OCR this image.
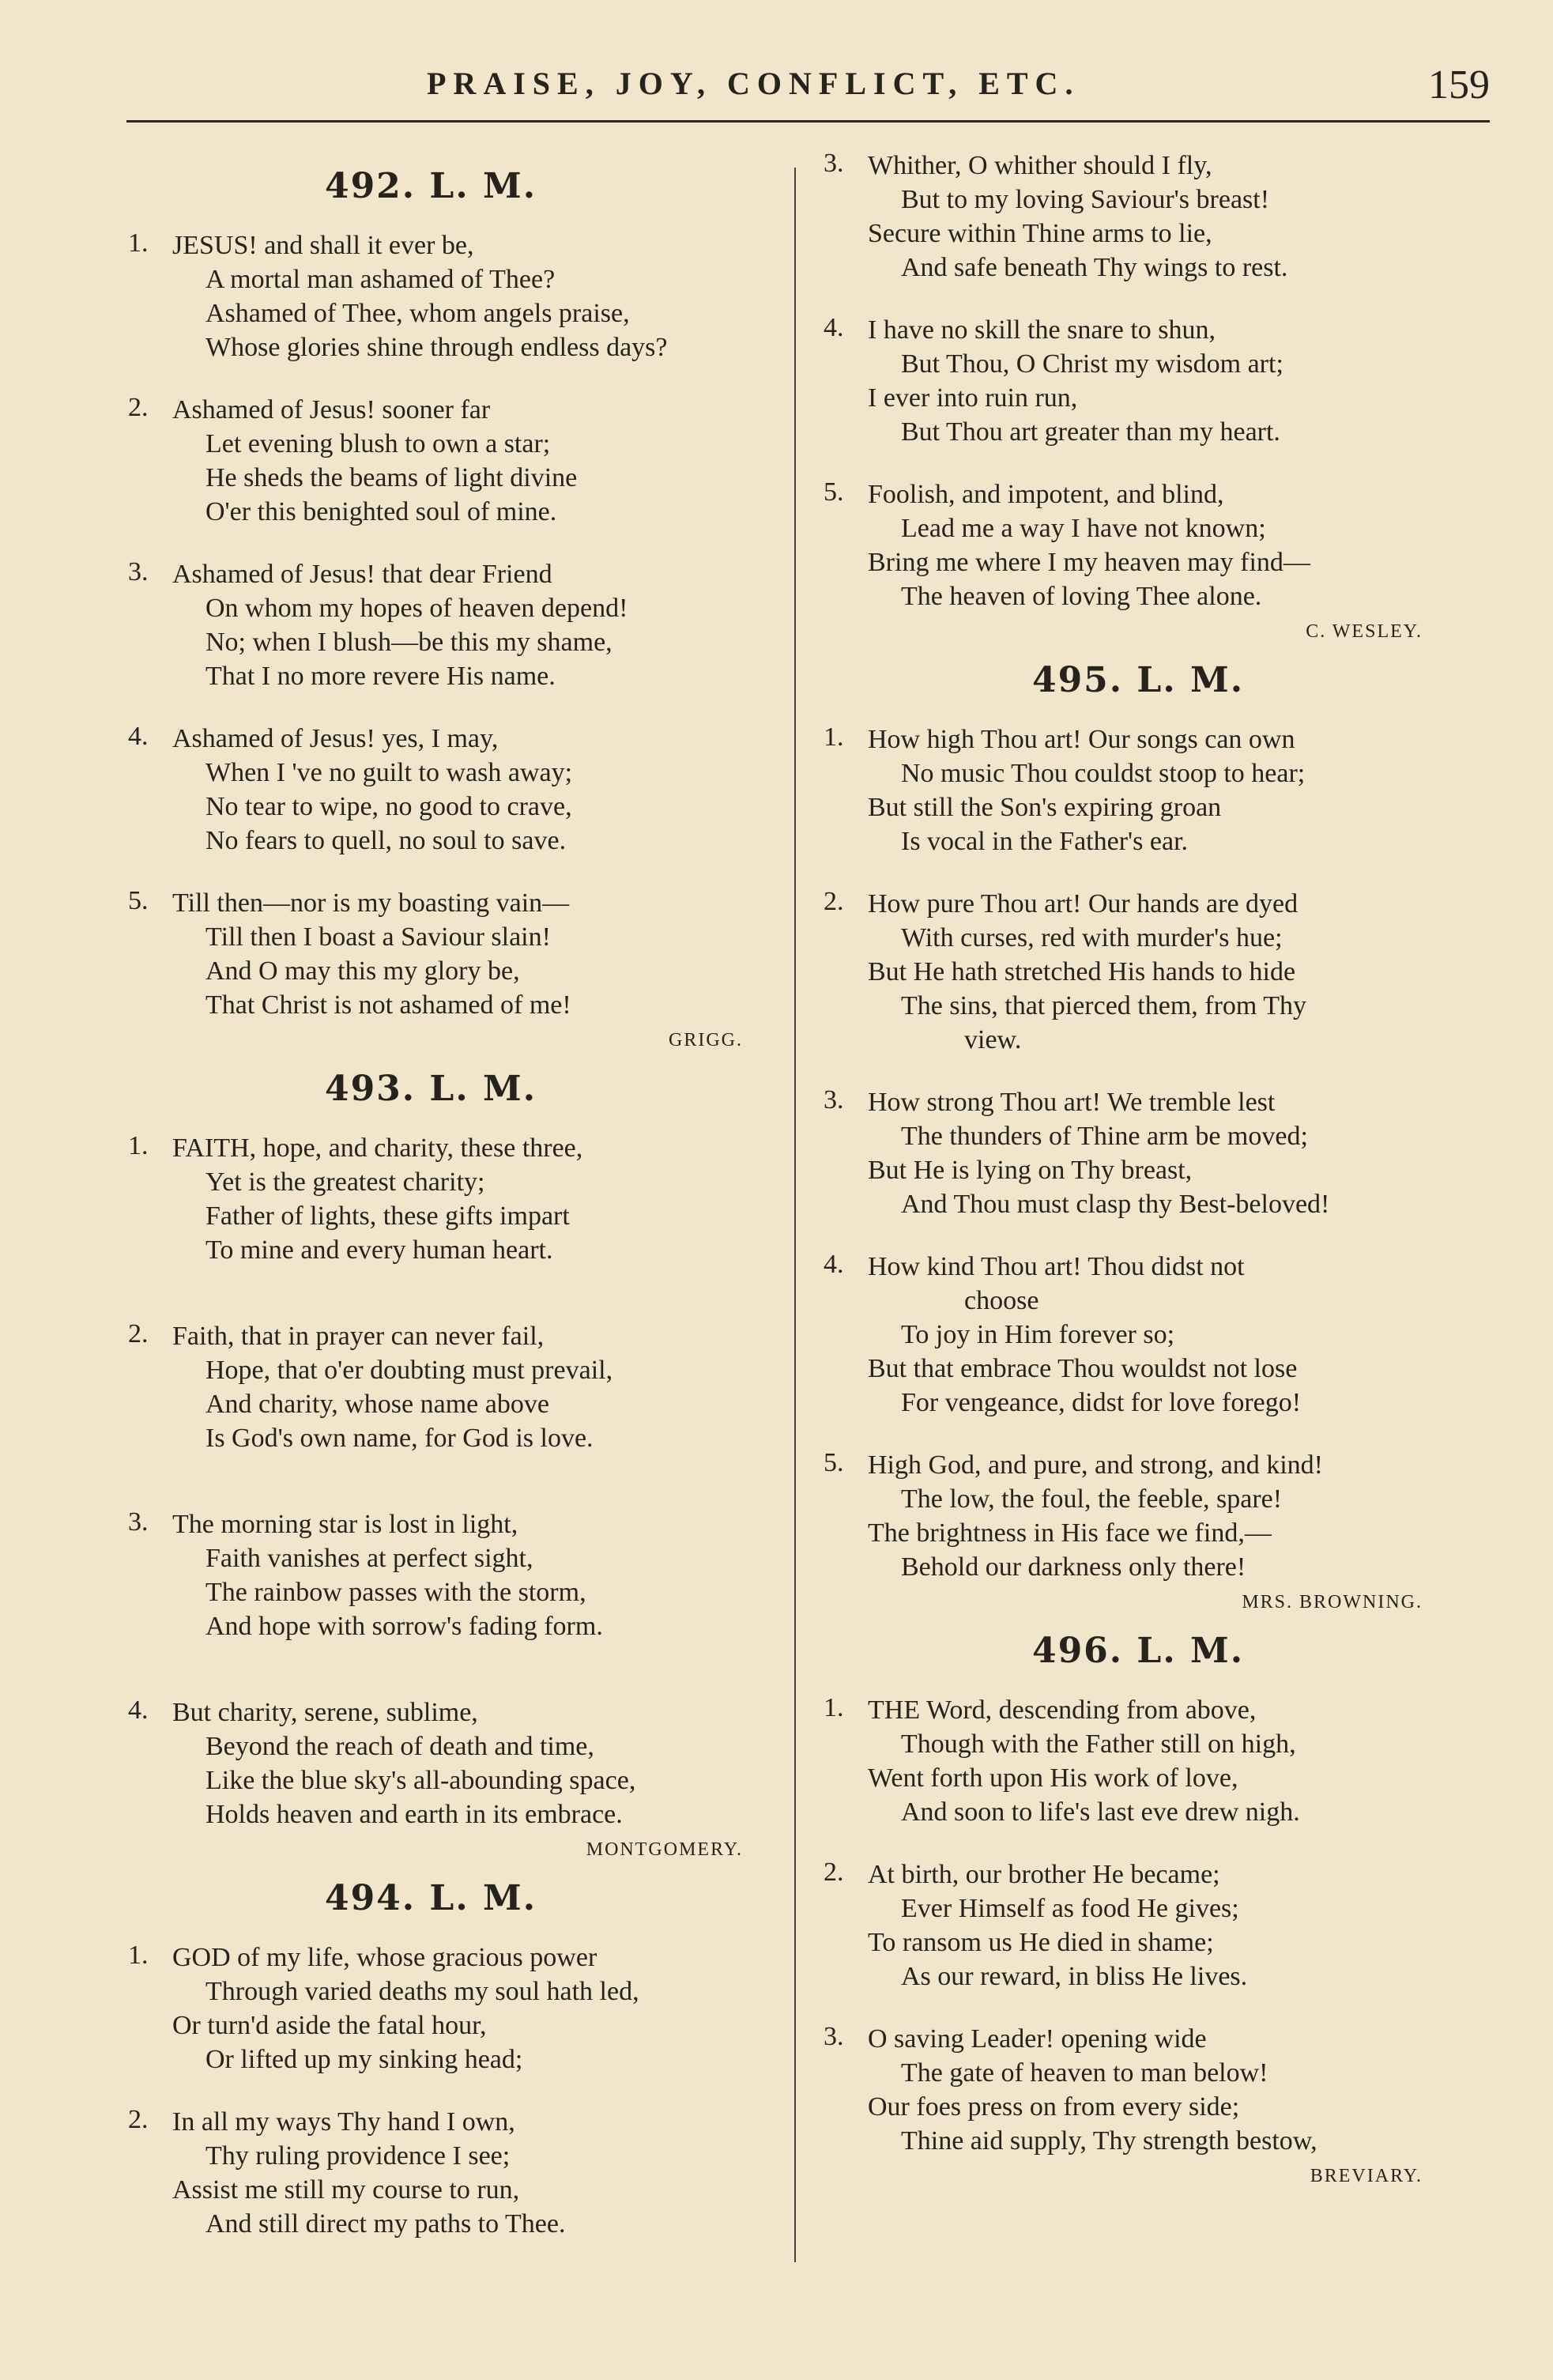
PRAISE, JOY, CONFLICT, ETC.	159
492. L. M.
1. JESUS! and shall it ever be,
A mortal man ashamed of Thee?
Ashamed of Thee, whom angels praise,
Whose glories shine through endless days?
2. Ashamed of Jesus! sooner far
Let evening blush to own a star;
He sheds the beams of light divine
O'er this benighted soul of mine.
3. Ashamed of Jesus! that dear Friend
On whom my hopes of heaven depend!
No; when I blush—be this my shame,
That I no more revere His name.
4. Ashamed of Jesus! yes, I may,
When I 've no guilt to wash away;
No tear to wipe, no good to crave,
No fears to quell, no soul to save.
5. Till then—nor is my boasting vain—
Till then I boast a Saviour slain!
And O may this my glory be,
That Christ is not ashamed of me!
GRIGG.
493. L. M.
1. FAITH, hope, and charity, these three,
Yet is the greatest charity;
Father of lights, these gifts impart
To mine and every human heart.
2. Faith, that in prayer can never fail,
Hope, that o'er doubting must prevail,
And charity, whose name above
Is God's own name, for God is love.
3. The morning star is lost in light,
Faith vanishes at perfect sight,
The rainbow passes with the storm,
And hope with sorrow's fading form.
4. But charity, serene, sublime,
Beyond the reach of death and time,
Like the blue sky's all-abounding space,
Holds heaven and earth in its embrace.
MONTGOMERY.
494. L. M.
1. GOD of my life, whose gracious power
Through varied deaths my soul hath led,
Or turn'd aside the fatal hour,
Or lifted up my sinking head;
2. In all my ways Thy hand I own,
Thy ruling providence I see;
Assist me still my course to run,
And still direct my paths to Thee.
3. Whither, O whither should I fly,
But to my loving Saviour's breast!
Secure within Thine arms to lie,
And safe beneath Thy wings to rest.
4. I have no skill the snare to shun,
But Thou, O Christ my wisdom art;
I ever into ruin run,
But Thou art greater than my heart.
5. Foolish, and impotent, and blind,
Lead me a way I have not known;
Bring me where I my heaven may find—
The heaven of loving Thee alone.
C. WESLEY.
495. L. M.
1. How high Thou art! Our songs can own
No music Thou couldst stoop to hear;
But still the Son's expiring groan
Is vocal in the Father's ear.
2. How pure Thou art! Our hands are dyed
With curses, red with murder's hue;
But He hath stretched His hands to hide
The sins, that pierced them, from Thy
view.
3. How strong Thou art! We tremble lest
The thunders of Thine arm be moved;
But He is lying on Thy breast,
And Thou must clasp thy Best-beloved!
4. How kind Thou art! Thou didst not
choose
To joy in Him forever so;
But that embrace Thou wouldst not lose
For vengeance, didst for love forego!
5. High God, and pure, and strong, and kind!
The low, the foul, the feeble, spare!
The brightness in His face we find,—
Behold our darkness only there!
MRS. BROWNING.
496. L. M.
1. THE Word, descending from above,
Though with the Father still on high,
Went forth upon His work of love,
And soon to life's last eve drew nigh.
2. At birth, our brother He became;
Ever Himself as food He gives;
To ransom us He died in shame;
As our reward, in bliss He lives.
3. O saving Leader! opening wide
The gate of heaven to man below!
Our foes press on from every side;
Thine aid supply, Thy strength bestow,
BREVIARY.
